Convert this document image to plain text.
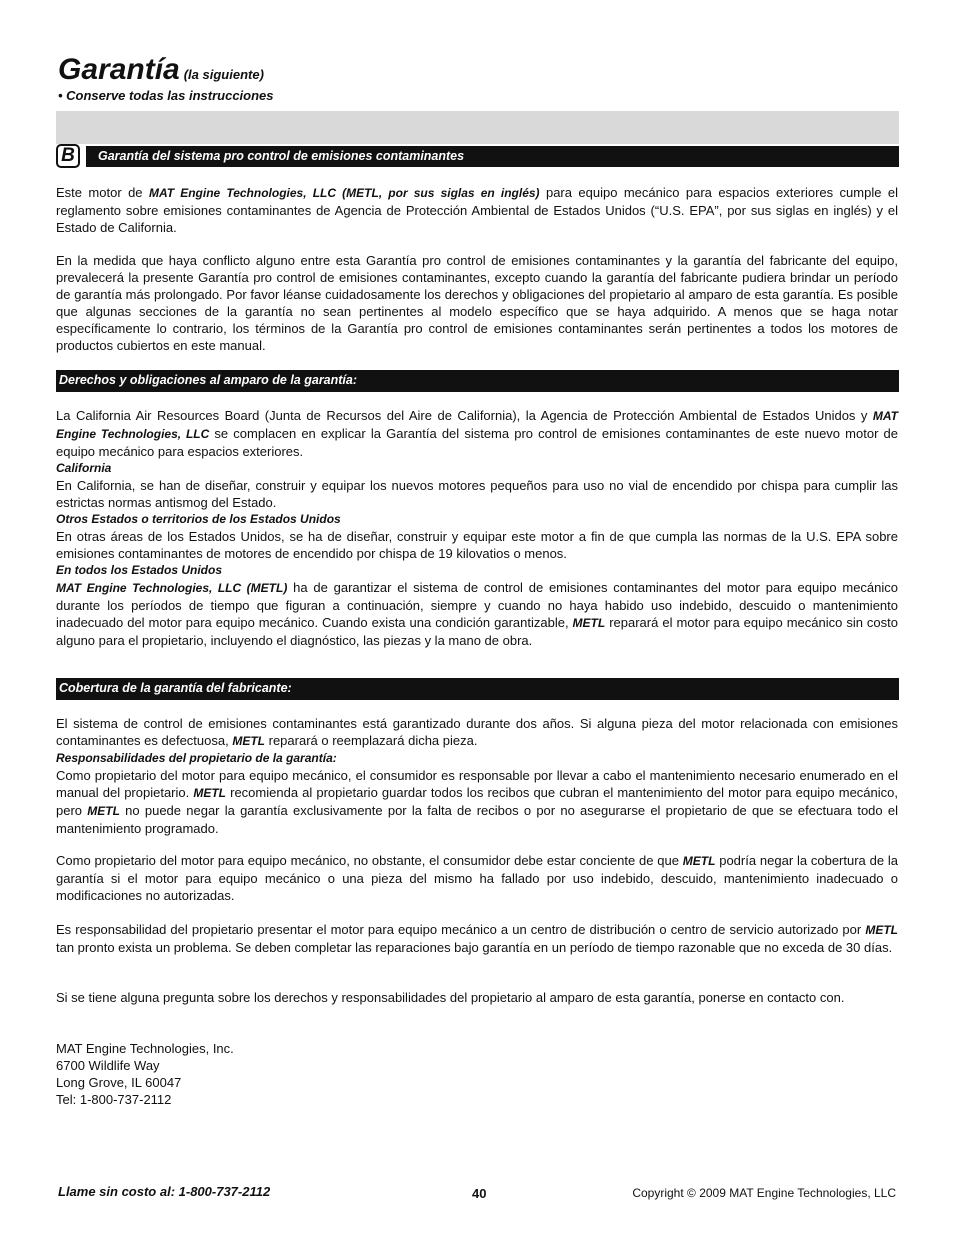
Garantía (la siguiente)
• Conserve todas las instrucciones
B	Garantía del sistema pro control de emisiones contaminantes
Este motor de MAT Engine Technologies, LLC (METL, por sus siglas en inglés) para equipo mecánico para espacios exteriores cumple el reglamento sobre emisiones contaminantes de Agencia de Protección Ambiental de Estados Unidos (“U.S. EPA”, por sus siglas en inglés) y el Estado de California.
En la medida que haya conflicto alguno entre esta Garantía pro control de emisiones contaminantes y la garantía del fabricante del equipo, prevalecerá la presente Garantía pro control de emisiones contaminantes, excepto cuando la garantía del fabricante pudiera brindar un período de garantía más prolongado. Por favor léanse cuidadosamente los derechos y obligaciones del propietario al amparo de esta garantía. Es posible que algunas secciones de la garantía no sean pertinentes al modelo específico que se haya adquirido. A menos que se haga notar específicamente lo contrario, los términos de la Garantía pro control de emisiones contaminantes serán pertinentes a todos los motores de productos cubiertos en este manual.
Derechos y obligaciones al amparo de la garantía:
La California Air Resources Board (Junta de Recursos del Aire de California), la Agencia de Protección Ambiental de Estados Unidos y MAT Engine Technologies, LLC se complacen en explicar la Garantía del sistema pro control de emisiones contaminantes de este nuevo motor de equipo mecánico para espacios exteriores.
California
En California, se han de diseñar, construir y equipar los nuevos motores pequeños para uso no vial de encendido por chispa para cumplir las estrictas normas antismog del Estado.
Otros Estados o territorios de los Estados Unidos
En otras áreas de los Estados Unidos, se ha de diseñar, construir y equipar este motor a fin de que cumpla las normas de la U.S. EPA sobre emisiones contaminantes de motores de encendido por chispa de 19 kilovatios o menos.
En todos los Estados Unidos
MAT Engine Technologies, LLC (METL) ha de garantizar el sistema de control de emisiones contaminantes del motor para equipo mecánico durante los períodos de tiempo que figuran a continuación, siempre y cuando no haya habido uso indebido, descuido o mantenimiento inadecuado del motor para equipo mecánico. Cuando exista una condición garantizable, METL reparará el motor para equipo mecánico sin costo alguno para el propietario, incluyendo el diagnóstico, las piezas y la mano de obra.
Cobertura de la garantía del fabricante:
El sistema de control de emisiones contaminantes está garantizado durante dos años. Si alguna pieza del motor relacionada con emisiones contaminantes es defectuosa, METL reparará o reemplazará dicha pieza.
Responsabilidades del propietario de la garantía:
Como propietario del motor para equipo mecánico, el consumidor es responsable por llevar a cabo el mantenimiento necesario enumerado en el manual del propietario. METL recomienda al propietario guardar todos los recibos que cubran el mantenimiento del motor para equipo mecánico, pero METL no puede negar la garantía exclusivamente por la falta de recibos o por no asegurarse el propietario de que se efectuara todo el mantenimiento programado.
Como propietario del motor para equipo mecánico, no obstante, el consumidor debe estar conciente de que METL podría negar la cobertura de la garantía si el motor para equipo mecánico o una pieza del mismo ha fallado por uso indebido, descuido, mantenimiento inadecuado o modificaciones no autorizadas.
Es responsabilidad del propietario presentar el motor para equipo mecánico a un centro de distribución o centro de servicio autorizado por METL tan pronto exista un problema. Se deben completar las reparaciones bajo garantía en un período de tiempo razonable que no exceda de 30 días.
Si se tiene alguna pregunta sobre los derechos y responsabilidades del propietario al amparo de esta garantía, ponerse en contacto con.
MAT Engine Technologies, Inc.
6700 Wildlife Way
Long Grove, IL 60047
Tel: 1-800-737-2112
Llame sin costo al: 1-800-737-2112	40	Copyright © 2009 MAT Engine Technologies, LLC
